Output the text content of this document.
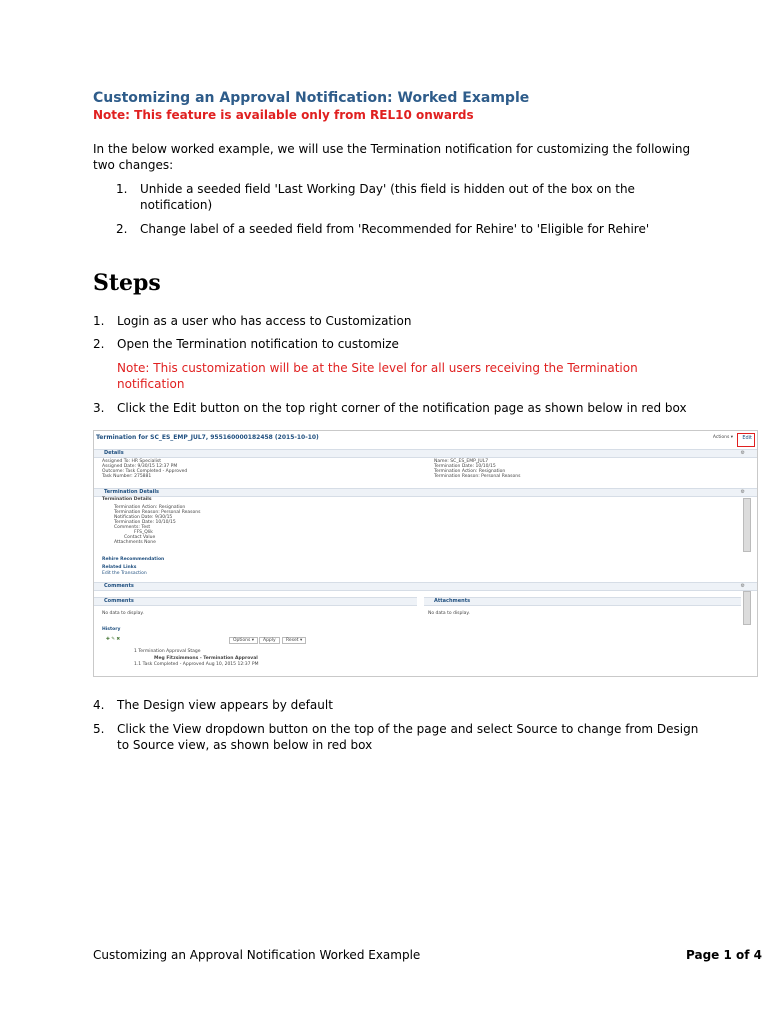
Customizing an Approval Notification: Worked Example
Note: This feature is available only from REL10 onwards
In the below worked example, we will use the Termination notification for customizing the following two changes:
1. Unhide a seeded field 'Last Working Day' (this field is hidden out of the box on the
notification)
2. Change label of a seeded field from 'Recommended for Rehire' to 'Eligible for Rehire'
Steps
1. Login as a user who has access to Customization
2. Open the Termination notification to customize
Note: This customization will be at the Site level for all users receiving the Termination
notification
3. Click the Edit button on the top right corner of the notification page as shown below in red box
Termination for SC_ES_EMP_JUL7, 955160000182458 (2015-10-10)	Actions ▾ Edit
Details	⚙
Assigned To: HR Specialist
Assigned Date: 9/30/15 12:37 PM
Outcome: Task Completed - Approved
Task Number: 275881
Name: SC_ES_EMP_JUL7
Termination Date: 10/10/15
Termination Action: Resignation
Termination Reason: Personal Reasons
Termination Details	⚙
Termination Details
Termination Action: Resignation
Termination Reason: Personal Reasons
Notification Date: 9/30/15
Termination Date: 10/10/15
Comments: Test
FFS_Qlik
Contact Value
Attachments None
Rehire Recommendation
Related Links
Edit the Transaction
Comments	⚙
Comments	Attachments
No data to display.	No data to display.
History
✚ ✎ ✖	Options ▾	Apply	Reset ▾
1 Termination Approval Stage
Meg Fitzsimmons - Termination Approval
1.1 Task Completed - Approved Aug 10, 2015 12:37 PM
4. The Design view appears by default
5. Click the View dropdown button on the top of the page and select Source to change from Design
to Source view, as shown below in red box
Customizing an Approval Notification Worked Example	Page 1 of 4
